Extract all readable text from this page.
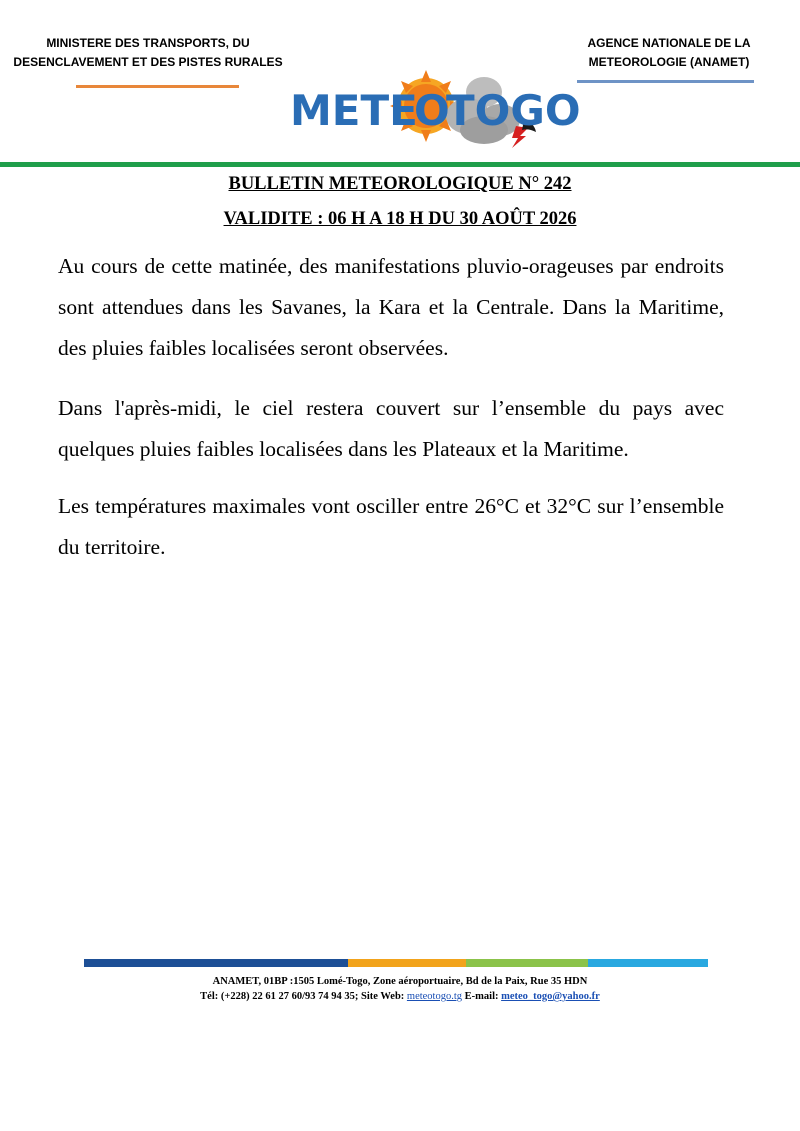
MINISTERE DES TRANSPORTS, DU
DESENCLAVEMENT ET DES PISTES RURALES
AGENCE NATIONALE DE LA
METEOROLOGIE (ANAMET)
METE
O
TOGO
BULLETIN METEOROLOGIQUE N° 242
VALIDITE : 06 H A 18 H DU 30 AOÛT 2026

Au cours de cette matinée, des manifestations pluvio-orageuses par endroits sont attendues dans les Savanes, la Kara et la Centrale. Dans la Maritime, des pluies faibles localisées seront observées.

Dans l'après-midi, le ciel restera couvert sur l’ensemble du pays avec quelques pluies faibles localisées dans les Plateaux et la Maritime.

Les températures maximales vont osciller entre 26°C et 32°C sur l’ensemble du territoire.

ANAMET, 01BP :1505 Lomé-Togo, Zone aéroportuaire, Bd de la Paix, Rue 35 HDN
Tél: (+228) 22 61 27 60/93 74 94 35; Site Web: meteotogo.tg E-mail: meteo_togo@yahoo.fr
